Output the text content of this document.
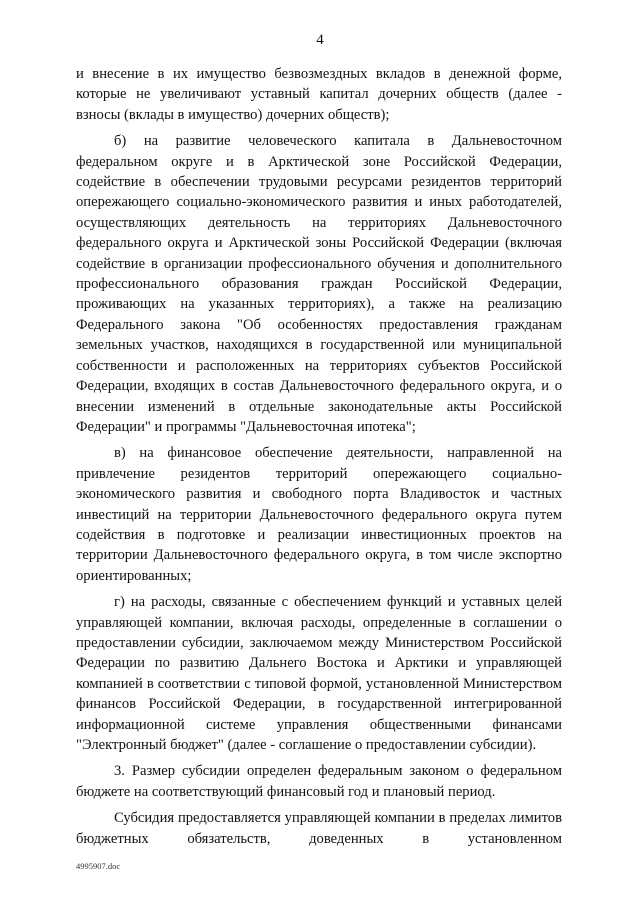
4

и внесение в их имущество безвозмездных вкладов в денежной форме, которые не увеличивают уставный капитал дочерних обществ (далее - взносы (вклады в имущество) дочерних обществ);

б) на развитие человеческого капитала в Дальневосточном федеральном округе и в Арктической зоне Российской Федерации, содействие в обеспечении трудовыми ресурсами резидентов территорий опережающего социально-экономического развития и иных работодателей, осуществляющих деятельность на территориях Дальневосточного федерального округа и Арктической зоны Российской Федерации (включая содействие в организации профессионального обучения и дополнительного профессионального образования граждан Российской Федерации, проживающих на указанных территориях), а также на реализацию Федерального закона "Об особенностях предоставления гражданам земельных участков, находящихся в государственной или муниципальной собственности и расположенных на территориях субъектов Российской Федерации, входящих в состав Дальневосточного федерального округа, и о внесении изменений в отдельные законодательные акты Российской Федерации" и программы "Дальневосточная ипотека";

в) на финансовое обеспечение деятельности, направленной на привлечение резидентов территорий опережающего социально-экономического развития и свободного порта Владивосток и частных инвестиций на территории Дальневосточного федерального округа путем содействия в подготовке и реализации инвестиционных проектов на территории Дальневосточного федерального округа, в том числе экспортно ориентированных;

г) на расходы, связанные с обеспечением функций и уставных целей управляющей компании, включая расходы, определенные в соглашении о предоставлении субсидии, заключаемом между Министерством Российской Федерации по развитию Дальнего Востока и Арктики и управляющей компанией в соответствии с типовой формой, установленной Министерством финансов Российской Федерации, в государственной интегрированной информационной системе управления общественными финансами "Электронный бюджет" (далее - соглашение о предоставлении субсидии).

3. Размер субсидии определен федеральным законом о федеральном бюджете на соответствующий финансовый год и плановый период.

Субсидия предоставляется управляющей компании в пределах лимитов бюджетных обязательств, доведенных в установленном

4995907.doc
